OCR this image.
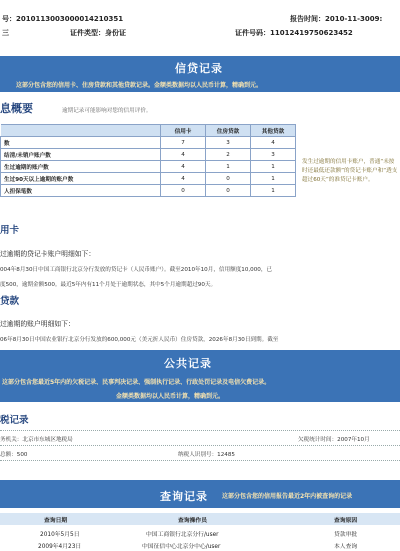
号：2010113003000014210351	报告时间：2010-11-3009:
三	证件类型：身份证	证件号码：11012419750623452
信贷记录
这部分包含您的信用卡、住房贷款和其他贷款记录。金额类数据均以人民币计算，精确到元。
息概要	逾期记录可能影响对您的信用评价。
	信用卡	住房贷款	其他贷款
数	7	3	4
结清/未销户账户数	4	2	3
生过逾期的账户数	4	1	1
生过90天以上逾期的账户数	4	0	1
人担保笔数	0	0	1
发生过逾期的信用卡账户，普通“未按时还最低还款额”的贷记卡账户和“透支超过60天”的准贷记卡账户。
用卡
过逾期的贷记卡账户明细如下：
004年8月30日中国工商银行北京分行发放的贷记卡（人民币账户）。截至2010年10月，信用额度10,000，已
度500，逾期金额500。最近5年内有11个月处于逾期状态，其中5个月逾期超过90天。
贷款
过逾期的账户明细如下：
06年8月30日中国农业银行北京分行发放的600,000元（美元折人民币）住房贷款，2026年8月30日到期。截至
公共记录
这部分包含您最近5年内的欠税记录、民事判决记录、强制执行记录、行政处罚记录及电信欠费记录。
金额类数据均以人民币计算，精确到元。
税记录
务机关：北京市东城区地税局	欠税统计时间：2007年10月
总额：500	纳税人识别号：12485
查询记录 这部分包含您的信用报告最近2年内被查询的记录
查询日期	查询操作员	查询原因
2010年5月5日	中国工商银行北京分行/user	贷款审批
2009年4月23日	中国征信中心北京分中心/user	本人查询
